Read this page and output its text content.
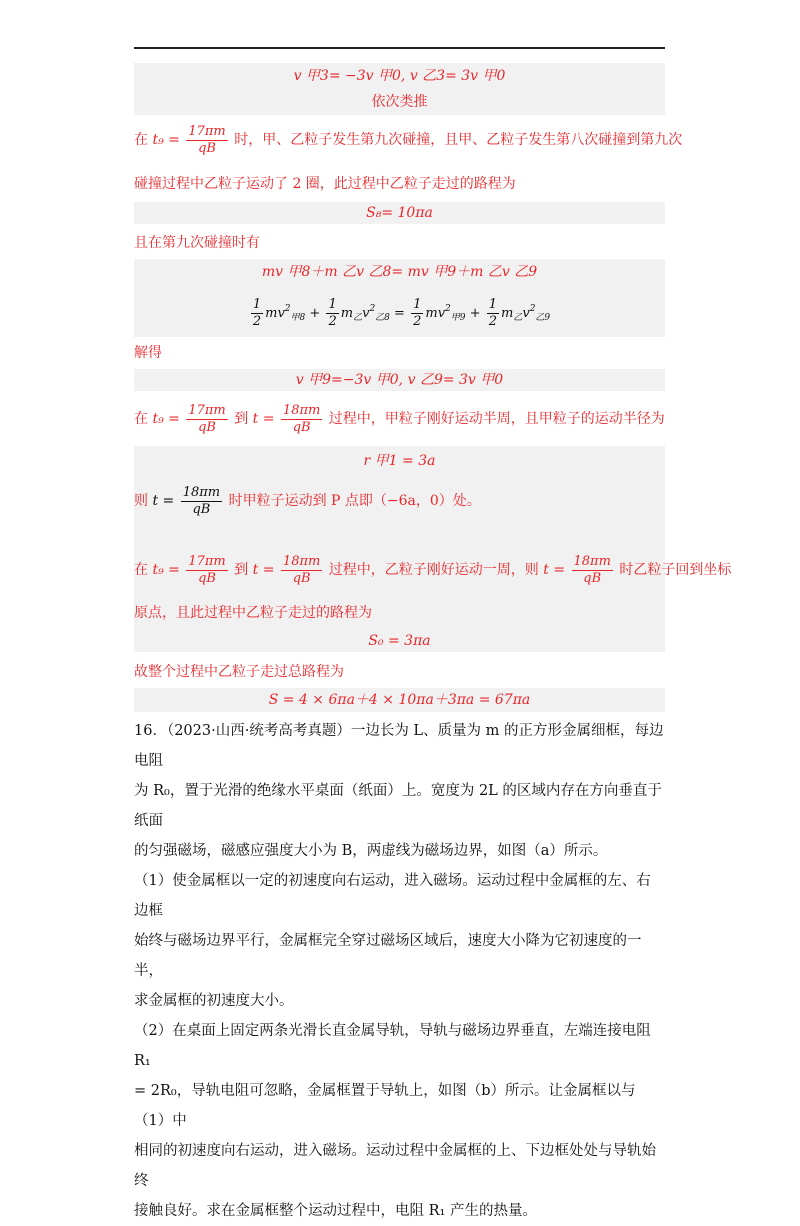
v 甲3= −3v 甲0, v 乙3= 3v 甲0
依次类推
在 $t_9 = \frac{17\pi m}{qB}$ 时，甲、乙粒子发生第九次碰撞，且甲、乙粒子发生第八次碰撞到第九次
碰撞过程中乙粒子运动了 2 圈，此过程中乙粒子走过的路程为
S₈= 10πa
且在第九次碰撞时有
mv 甲8＋m 乙v 乙8= mv 甲9＋m 乙v 乙9
$\frac{1}{2} mv^2_{甲8} + \frac{1}{2} m_乙v^2_{乙8} = \frac{1}{2} mv^2_{甲9} + \frac{1}{2} m_乙v^2_{乙9}$
解得
v 甲9=−3v 甲0, v 乙9= 3v 甲0
在 $t_9 = \frac{17\pi m}{qB}$ 到 $t = \frac{18\pi m}{qB}$ 过程中，甲粒子刚好运动半周，且甲粒子的运动半径为
r 甲1 = 3a
则 $t = \frac{18\pi m}{qB}$ 时甲粒子运动到 P 点即（−6a，0）处。
在 $t_9 = \frac{17\pi m}{qB}$ 到 $t = \frac{18\pi m}{qB}$ 过程中，乙粒子刚好运动一周，则 $t = \frac{18\pi m}{qB}$ 时乙粒子回到坐标
原点，且此过程中乙粒子走过的路程为
S₀ = 3πa
故整个过程中乙粒子走过总路程为
S = 4 × 6πa＋4 × 10πa＋3πa = 67πa
16．（2023·山西·统考高考真题）一边长为 L、质量为 m 的正方形金属细框，每边电阻
为 R₀，置于光滑的绝缘水平桌面（纸面）上。宽度为 2L 的区域内存在方向垂直于纸面
的匀强磁场，磁感应强度大小为 B，两虚线为磁场边界，如图（a）所示。
（1）使金属框以一定的初速度向右运动，进入磁场。运动过程中金属框的左、右边框
始终与磁场边界平行，金属框完全穿过磁场区域后，速度大小降为它初速度的一半，
求金属框的初速度大小。
（2）在桌面上固定两条光滑长直金属导轨，导轨与磁场边界垂直，左端连接电阻 R₁
= 2R₀，导轨电阻可忽略，金属框置于导轨上，如图（b）所示。让金属框以与（1）中
相同的初速度向右运动，进入磁场。运动过程中金属框的上、下边框处处与导轨始终
接触良好。求在金属框整个运动过程中，电阻 R₁ 产生的热量。
